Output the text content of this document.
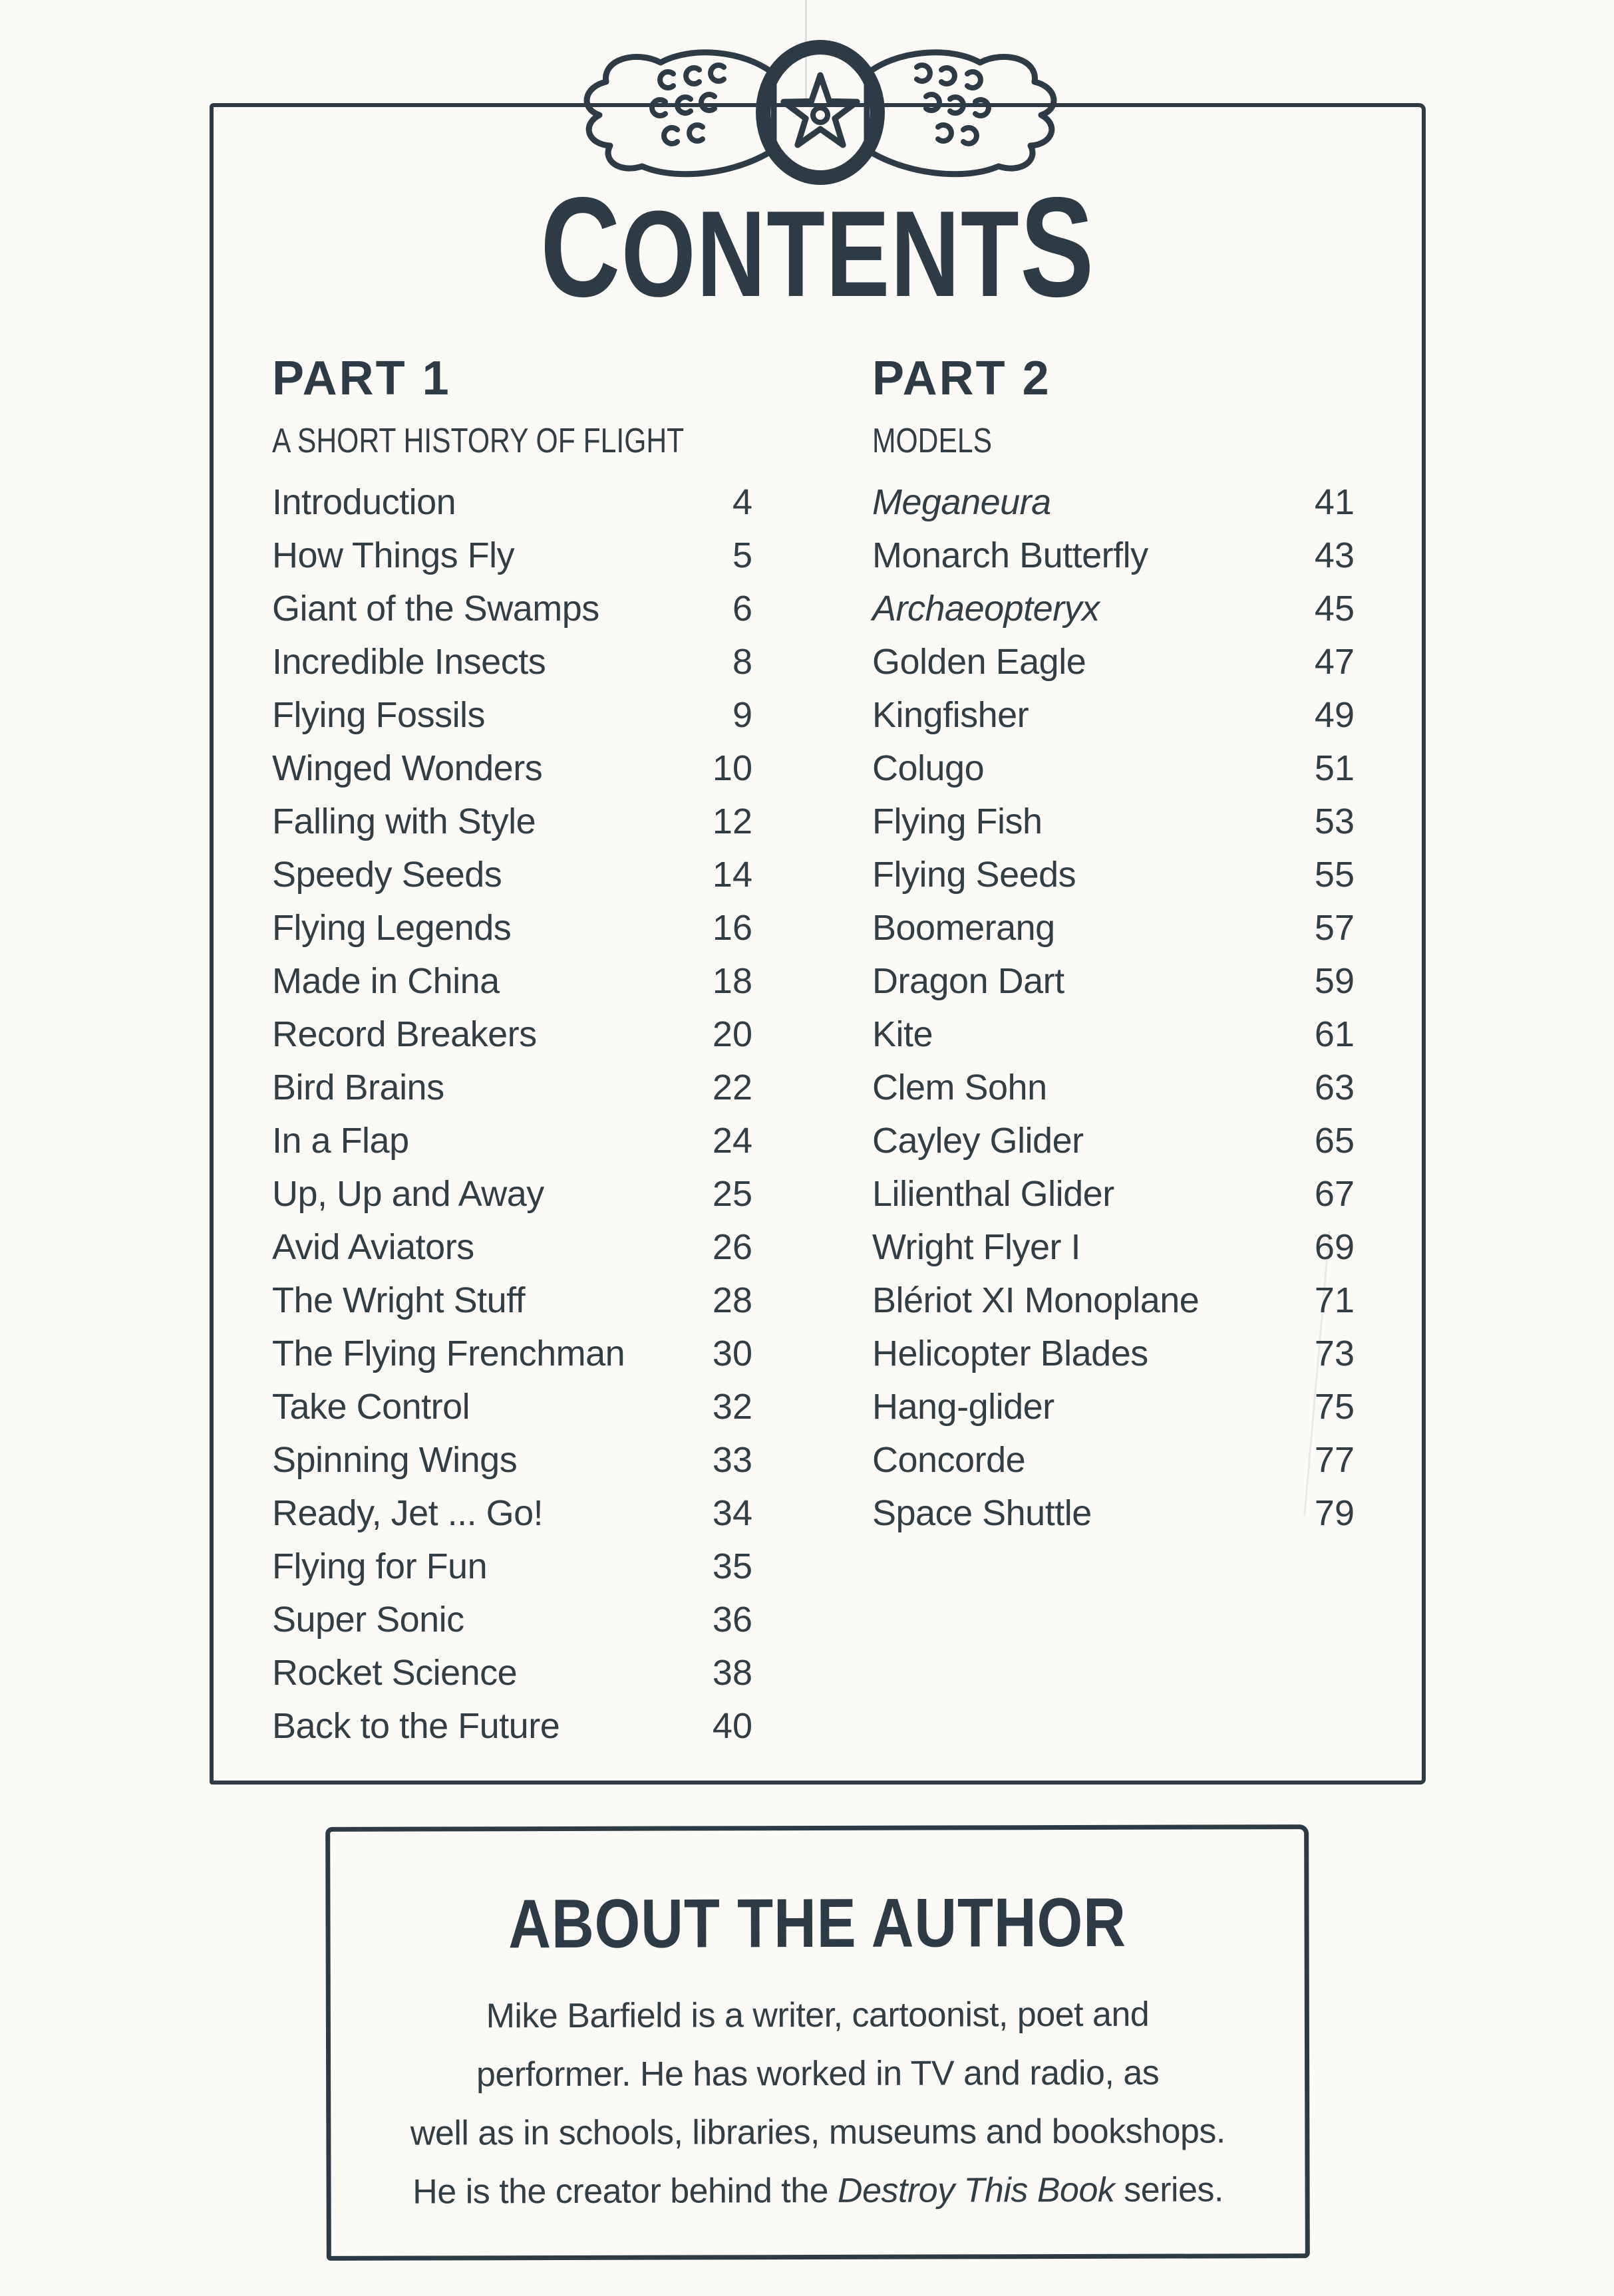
CONTENTS
PART 1
A SHORT HISTORY OF FLIGHT
Introduction	4
How Things Fly	5
Giant of the Swamps	6
Incredible Insects	8
Flying Fossils	9
Winged Wonders	10
Falling with Style	12
Speedy Seeds	14
Flying Legends	16
Made in China	18
Record Breakers	20
Bird Brains	22
In a Flap	24
Up, Up and Away	25
Avid Aviators	26
The Wright Stuff	28
The Flying Frenchman 30
Take Control	32
Spinning Wings	33
Ready, Jet ... Go!	34
Flying for Fun	35
Super Sonic	36
Rocket Science	38
Back to the Future	40
PART 2
MODELS
Meganeura	41
Monarch Butterfly	43
Archaeopteryx	45
Golden Eagle	47
Kingfisher	49
Colugo	51
Flying Fish	53
Flying Seeds	55
Boomerang	57
Dragon Dart	59
Kite	61
Clem Sohn	63
Cayley Glider	65
Lilienthal Glider	67
Wright Flyer I	69
Blériot XI Monoplane	71
Helicopter Blades	73
Hang-glider	75
Concorde	77
Space Shuttle	79
ABOUT THE AUTHOR

Mike Barfield is a writer, cartoonist, poet and
performer. He has worked in TV and radio, as
well as in schools, libraries, museums and bookshops.
He is the creator behind the Destroy This Book series.
